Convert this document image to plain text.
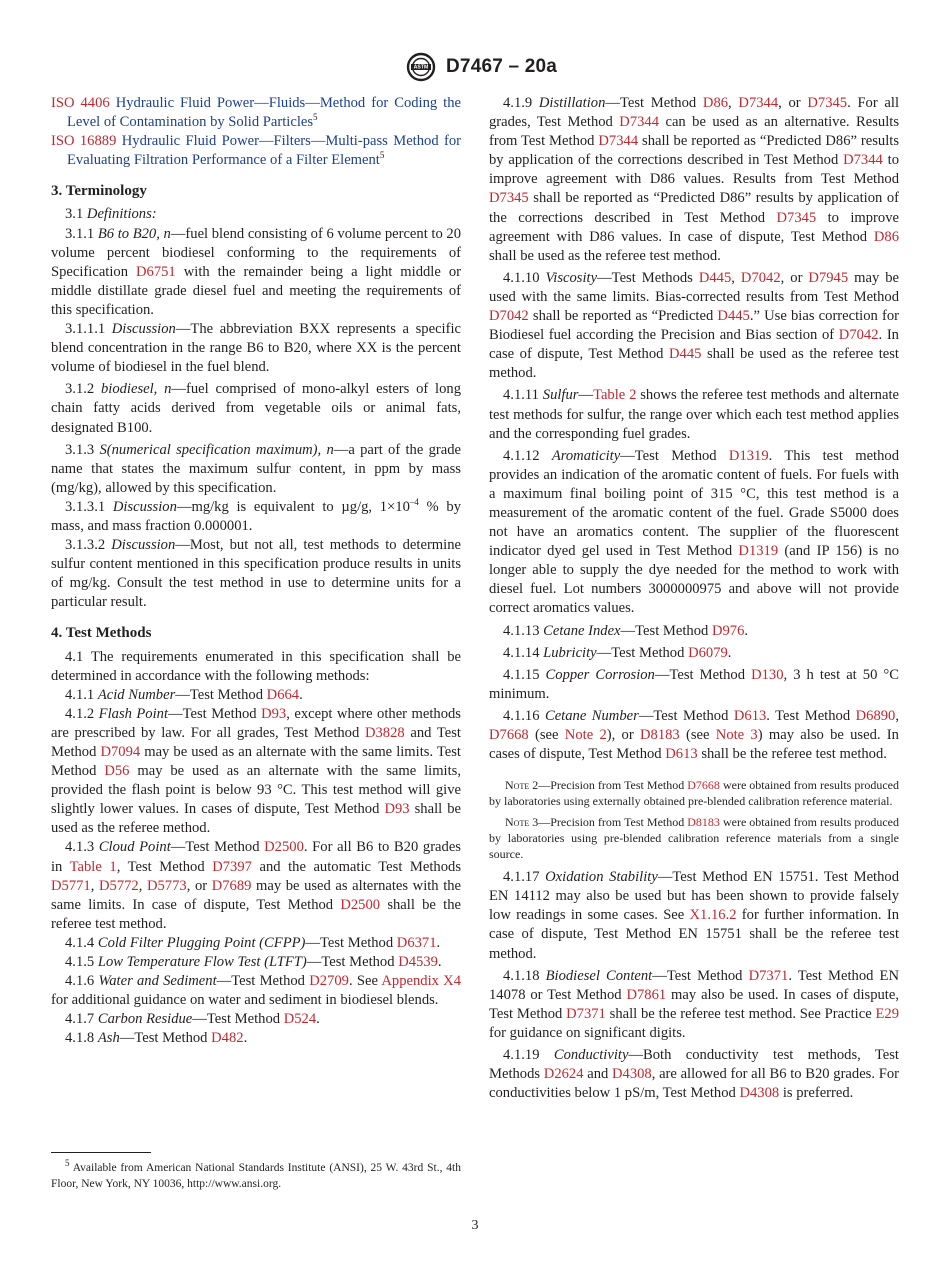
ASTM D7467 – 20a

ISO 4406 Hydraulic Fluid Power—Fluids—Method for Coding the Level of Contamination by Solid Particles$^5$

ISO 16889 Hydraulic Fluid Power—Filters—Multi-pass Method for Evaluating Filtration Performance of a Filter Element$^5$

3. Terminology

3.1 Definitions:

3.1.1 B6 to B20, n—fuel blend consisting of 6 volume percent to 20 volume percent biodiesel conforming to the requirements of Specification D6751 with the remainder being a light middle or middle distillate grade diesel fuel and meeting the requirements of this specification.

3.1.1.1 Discussion—The abbreviation BXX represents a specific blend concentration in the range B6 to B20, where XX is the percent volume of biodiesel in the fuel blend.

3.1.2 biodiesel, n—fuel comprised of mono-alkyl esters of long chain fatty acids derived from vegetable oils or animal fats, designated B100.

3.1.3 S(numerical specification maximum), n—a part of the grade name that states the maximum sulfur content, in ppm by mass (mg/kg), allowed by this specification.

3.1.3.1 Discussion—mg/kg is equivalent to µg/g, $1\times 10^{-4}$ % by mass, and mass fraction 0.000001.

3.1.3.2 Discussion—Most, but not all, test methods to determine sulfur content mentioned in this specification produce results in units of mg/kg. Consult the test method in use to determine units for a particular result.

4. Test Methods

4.1 The requirements enumerated in this specification shall be determined in accordance with the following methods:

4.1.1 Acid Number—Test Method D664.

4.1.2 Flash Point—Test Method D93, except where other methods are prescribed by law. For all grades, Test Method D3828 and Test Method D7094 may be used as an alternate with the same limits. Test Method D56 may be used as an alternate with the same limits, provided the flash point is below 93 °C. This test method will give slightly lower values. In cases of dispute, Test Method D93 shall be used as the referee method.

4.1.3 Cloud Point—Test Method D2500. For all B6 to B20 grades in Table 1, Test Method D7397 and the automatic Test Methods D5771, D5772, D5773, or D7689 may be used as alternates with the same limits. In case of dispute, Test Method D2500 shall be the referee test method.

4.1.4 Cold Filter Plugging Point (CFPP)—Test Method D6371.

4.1.5 Low Temperature Flow Test (LTFT)—Test Method D4539.

4.1.6 Water and Sediment—Test Method D2709. See Appendix X4 for additional guidance on water and sediment in biodiesel blends.

4.1.7 Carbon Residue—Test Method D524.

4.1.8 Ash—Test Method D482.

4.1.9 Distillation—Test Method D86, D7344, or D7345. For all grades, Test Method D7344 can be used as an alternative. Results from Test Method D7344 shall be reported as “Predicted D86” results by application of the corrections described in Test Method D7344 to improve agreement with D86 values. Results from Test Method D7345 shall be reported as “Predicted D86” results by application of the corrections described in Test Method D7345 to improve agreement with D86 values. In case of dispute, Test Method D86 shall be used as the referee test method.

4.1.10 Viscosity—Test Methods D445, D7042, or D7945 may be used with the same limits. Bias-corrected results from Test Method D7042 shall be reported as “Predicted D445.” Use bias correction for Biodiesel fuel according the Precision and Bias section of D7042. In case of dispute, Test Method D445 shall be used as the referee test method.

4.1.11 Sulfur—Table 2 shows the referee test methods and alternate test methods for sulfur, the range over which each test method applies and the corresponding fuel grades.

4.1.12 Aromaticity—Test Method D1319. This test method provides an indication of the aromatic content of fuels. For fuels with a maximum final boiling point of 315 °C, this test method is a measurement of the aromatic content of the fuel. Grade S5000 does not have an aromatics content. The supplier of the fluorescent indicator dyed gel used in Test Method D1319 (and IP 156) is no longer able to supply the dye needed for the method to work with diesel fuel. Lot numbers 3000000975 and above will not provide correct aromatics values.

4.1.13 Cetane Index—Test Method D976.

4.1.14 Lubricity—Test Method D6079.

4.1.15 Copper Corrosion—Test Method D130, 3 h test at 50 °C minimum.

4.1.16 Cetane Number—Test Method D613. Test Method D6890, D7668 (see Note 2), or D8183 (see Note 3) may also be used. In cases of dispute, Test Method D613 shall be the referee test method.

Note 2—Precision from Test Method D7668 were obtained from results produced by laboratories using externally obtained pre-blended calibration reference material.

Note 3—Precision from Test Method D8183 were obtained from results produced by laboratories using pre-blended calibration reference materials from a single source.

4.1.17 Oxidation Stability—Test Method EN 15751. Test Method EN 14112 may also be used but has been shown to provide falsely low readings in some cases. See X1.16.2 for further information. In case of dispute, Test Method EN 15751 shall be the referee test method.

4.1.18 Biodiesel Content—Test Method D7371. Test Method EN 14078 or Test Method D7861 may also be used. In cases of dispute, Test Method D7371 shall be the referee test method. See Practice E29 for guidance on significant digits.

4.1.19 Conductivity—Both conductivity test methods, Test Methods D2624 and D4308, are allowed for all B6 to B20 grades. For conductivities below 1 pS/m, Test Method D4308 is preferred.

$^5$ Available from American National Standards Institute (ANSI), 25 W. 43rd St., 4th Floor, New York, NY 10036, http://www.ansi.org.

3
